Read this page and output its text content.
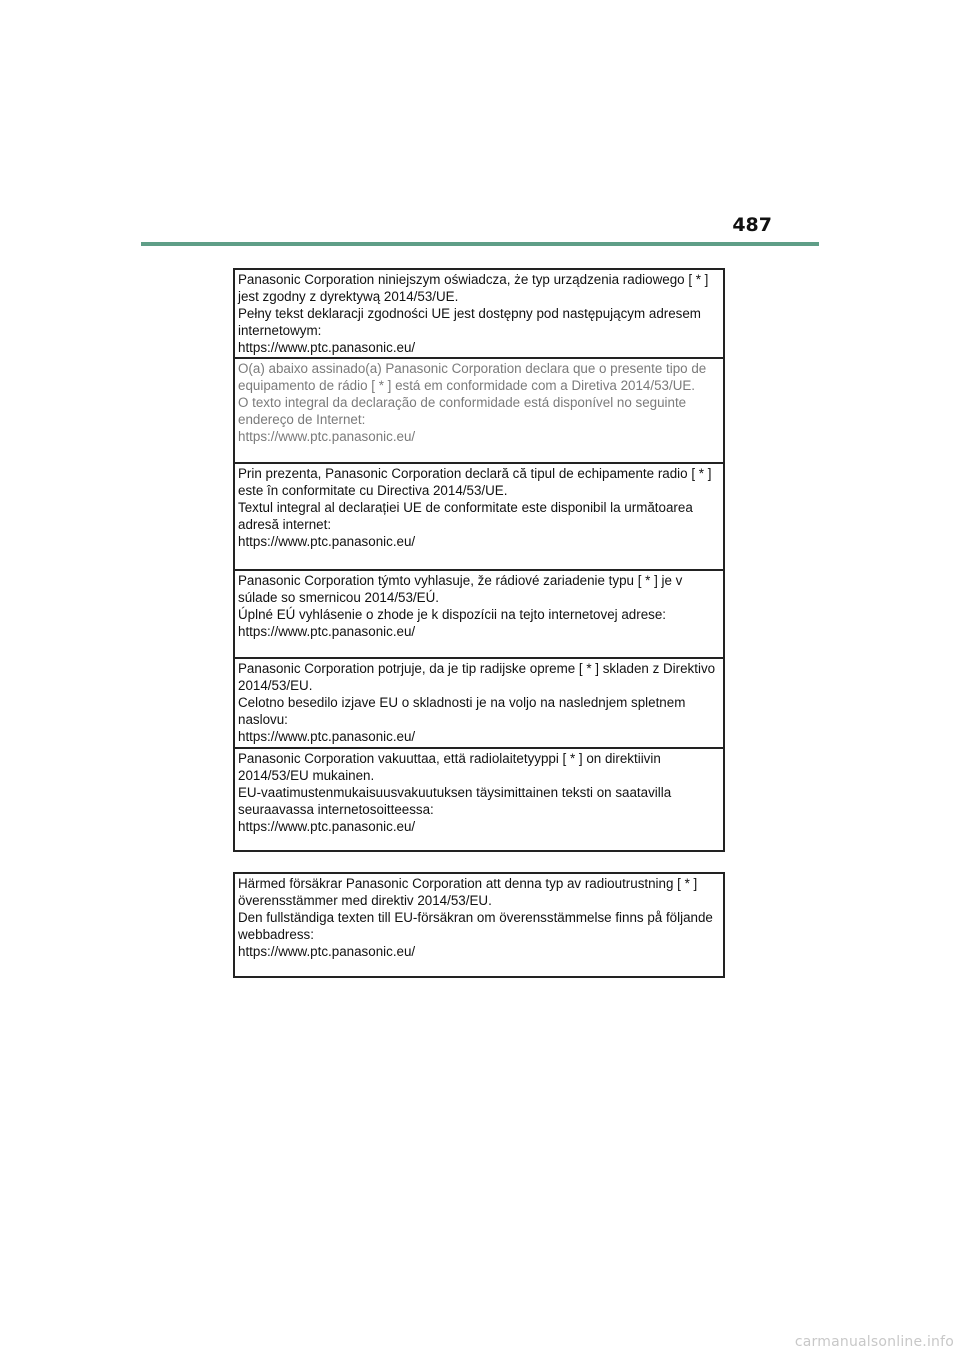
487
Panasonic Corporation niniejszym oświadcza, że typ urządzenia radiowego [ * ]
jest zgodny z dyrektywą 2014/53/UE.
Pełny tekst deklaracji zgodności UE jest dostępny pod następującym adresem
internetowym:
https://www.ptc.panasonic.eu/
O(a) abaixo assinado(a) Panasonic Corporation declara que o presente tipo de
equipamento de rádio [ * ] está em conformidade com a Diretiva 2014/53/UE.
O texto integral da declaração de conformidade está disponível no seguinte
endereço de Internet:
https://www.ptc.panasonic.eu/
Prin prezenta, Panasonic Corporation declară că tipul de echipamente radio [ * ]
este în conformitate cu Directiva 2014/53/UE.
Textul integral al declarației UE de conformitate este disponibil la următoarea
adresă internet:
https://www.ptc.panasonic.eu/
Panasonic Corporation týmto vyhlasuje, že rádiové zariadenie typu [ * ] je v
súlade so smernicou 2014/53/EÚ.
Úplné EÚ vyhlásenie o zhode je k dispozícii na tejto internetovej adrese:
https://www.ptc.panasonic.eu/
Panasonic Corporation potrjuje, da je tip radijske opreme [ * ] skladen z Direktivo
2014/53/EU.
Celotno besedilo izjave EU o skladnosti je na voljo na naslednjem spletnem
naslovu:
https://www.ptc.panasonic.eu/
Panasonic Corporation vakuuttaa, että radiolaitetyyppi [ * ] on direktiivin
2014/53/EU mukainen.
EU-vaatimustenmukaisuusvakuutuksen täysimittainen teksti on saatavilla
seuraavassa internetosoitteessa:
https://www.ptc.panasonic.eu/
Härmed försäkrar Panasonic Corporation att denna typ av radioutrustning [ * ]
överensstämmer med direktiv 2014/53/EU.
Den fullständiga texten till EU-försäkran om överensstämmelse finns på följande
webbadress:
https://www.ptc.panasonic.eu/
carmanualsonline.info
